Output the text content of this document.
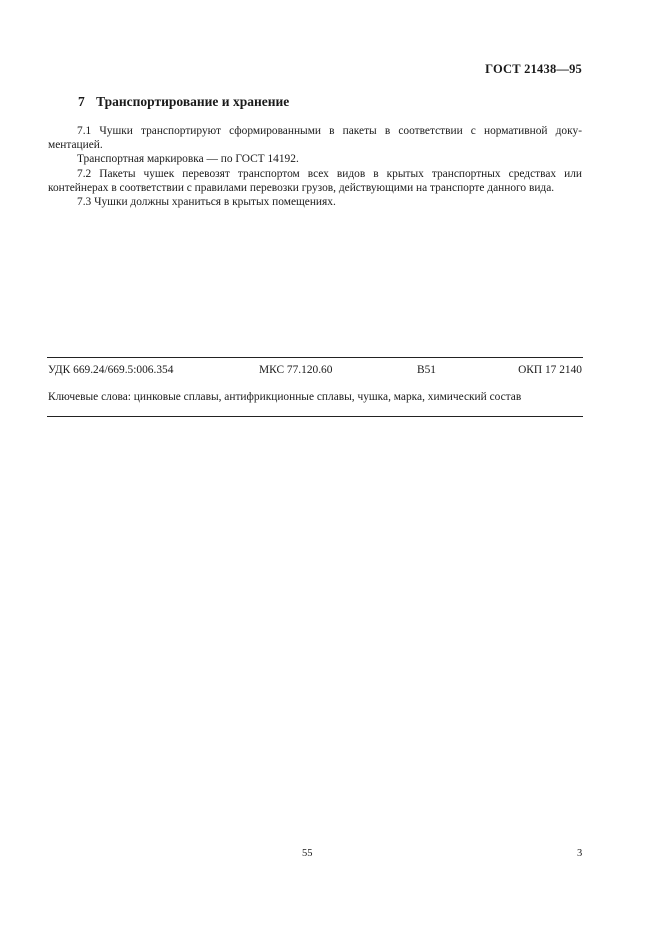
ГОСТ 21438—95
7 Транспортирование и хранение

7.1 Чушки транспортируют сформированными в пакеты в соответствии с нормативной доку-ментацией.

Транспортная маркировка — по ГОСТ 14192.

7.2 Пакеты чушек перевозят транспортом всех видов в крытых транспортных средствах или контейнерах в соответствии с правилами перевозки грузов, действующими на транспорте данного вида.

7.3 Чушки должны храниться в крытых помещениях.

УДК 669.24/669.5:006.354	МКС 77.120.60	В51	ОКП 17 2140
Ключевые слова: цинковые сплавы, антифрикционные сплавы, чушка, марка, химический состав
55	3
